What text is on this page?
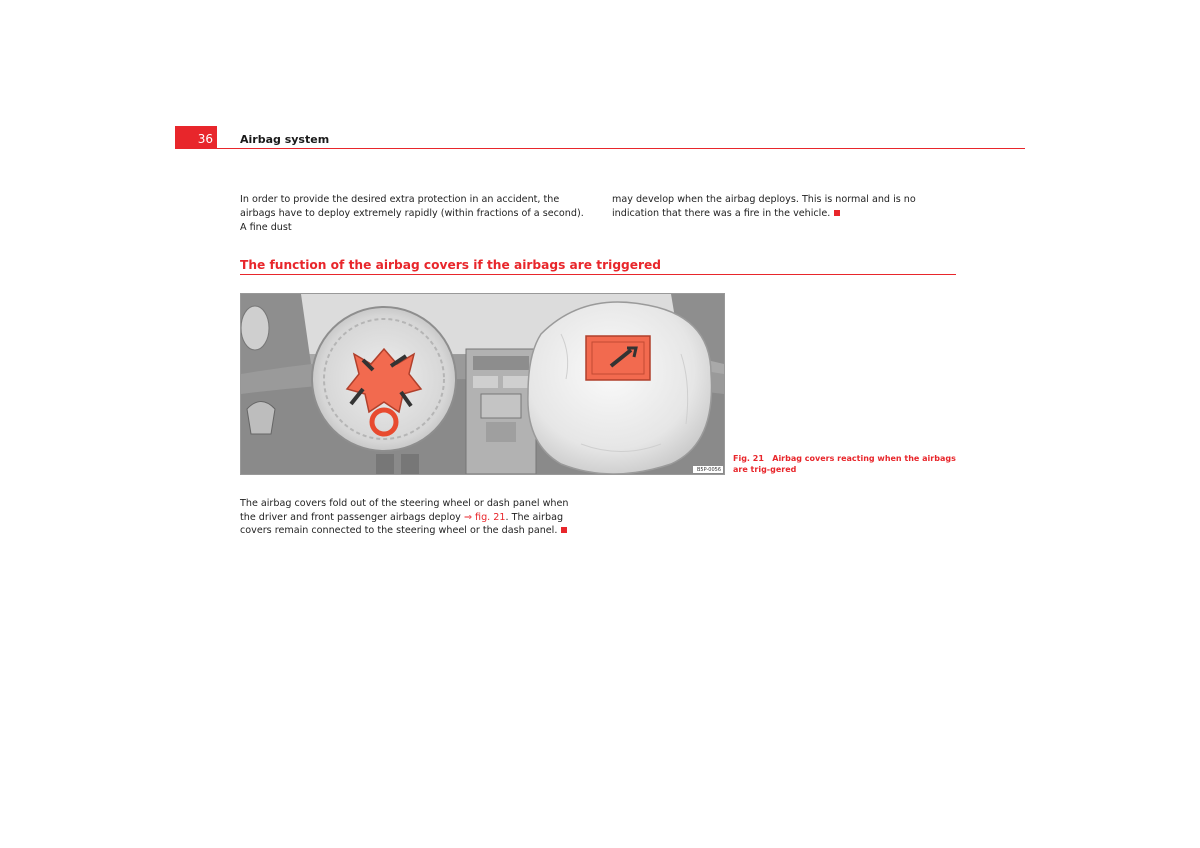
36	Airbag system
In order to provide the desired extra protection in an accident, the airbags have to deploy extremely rapidly (within fractions of a second). A fine dust
may develop when the airbag deploys. This is normal and is no indication that there was a fire in the vehicle.
The function of the airbag covers if the airbags are triggered
B5P-0056
Fig. 21 Airbag covers reacting when the airbags are trig-gered
The airbag covers fold out of the steering wheel or dash panel when the driver and front passenger airbags deploy ⇒ fig. 21. The airbag covers remain connected to the steering wheel or the dash panel.
